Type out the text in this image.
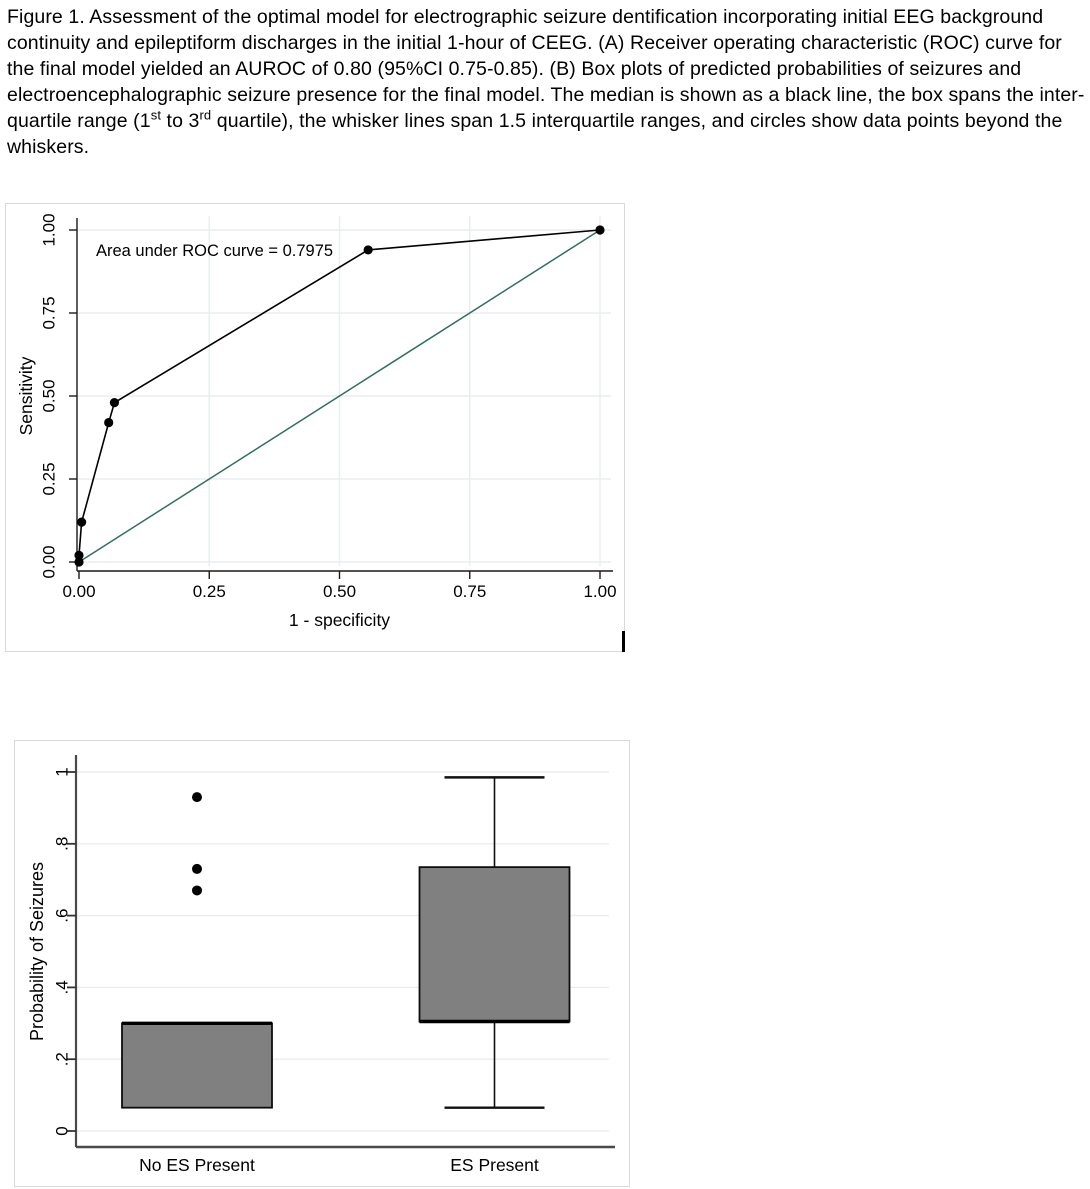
Figure 1. Assessment of the optimal model for electrographic seizure dentification incorporating initial EEG background continuity and epileptiform discharges in the initial 1-hour of CEEG. (A) Receiver operating characteristic (ROC) curve for the final model yielded an AUROC of 0.80 (95%CI 0.75-0.85). (B) Box plots of predicted probabilities of seizures and electroencephalographic seizure presence for the final model. The median is shown as a black line, the box spans the inter-quartile range (1st to 3rd quartile), the whisker lines span 1.5 interquartile ranges, and circles show data points beyond the whiskers.

0.00	0.25	0.50	0.75	1.00
0.00
0.25
0.50
0.75
1.00
Sensitivity
1 - specificity
Area under ROC curve = 0.7975
0
.2
.4
.6
.8
1
Probability of Seizures
No ES Present	ES Present
